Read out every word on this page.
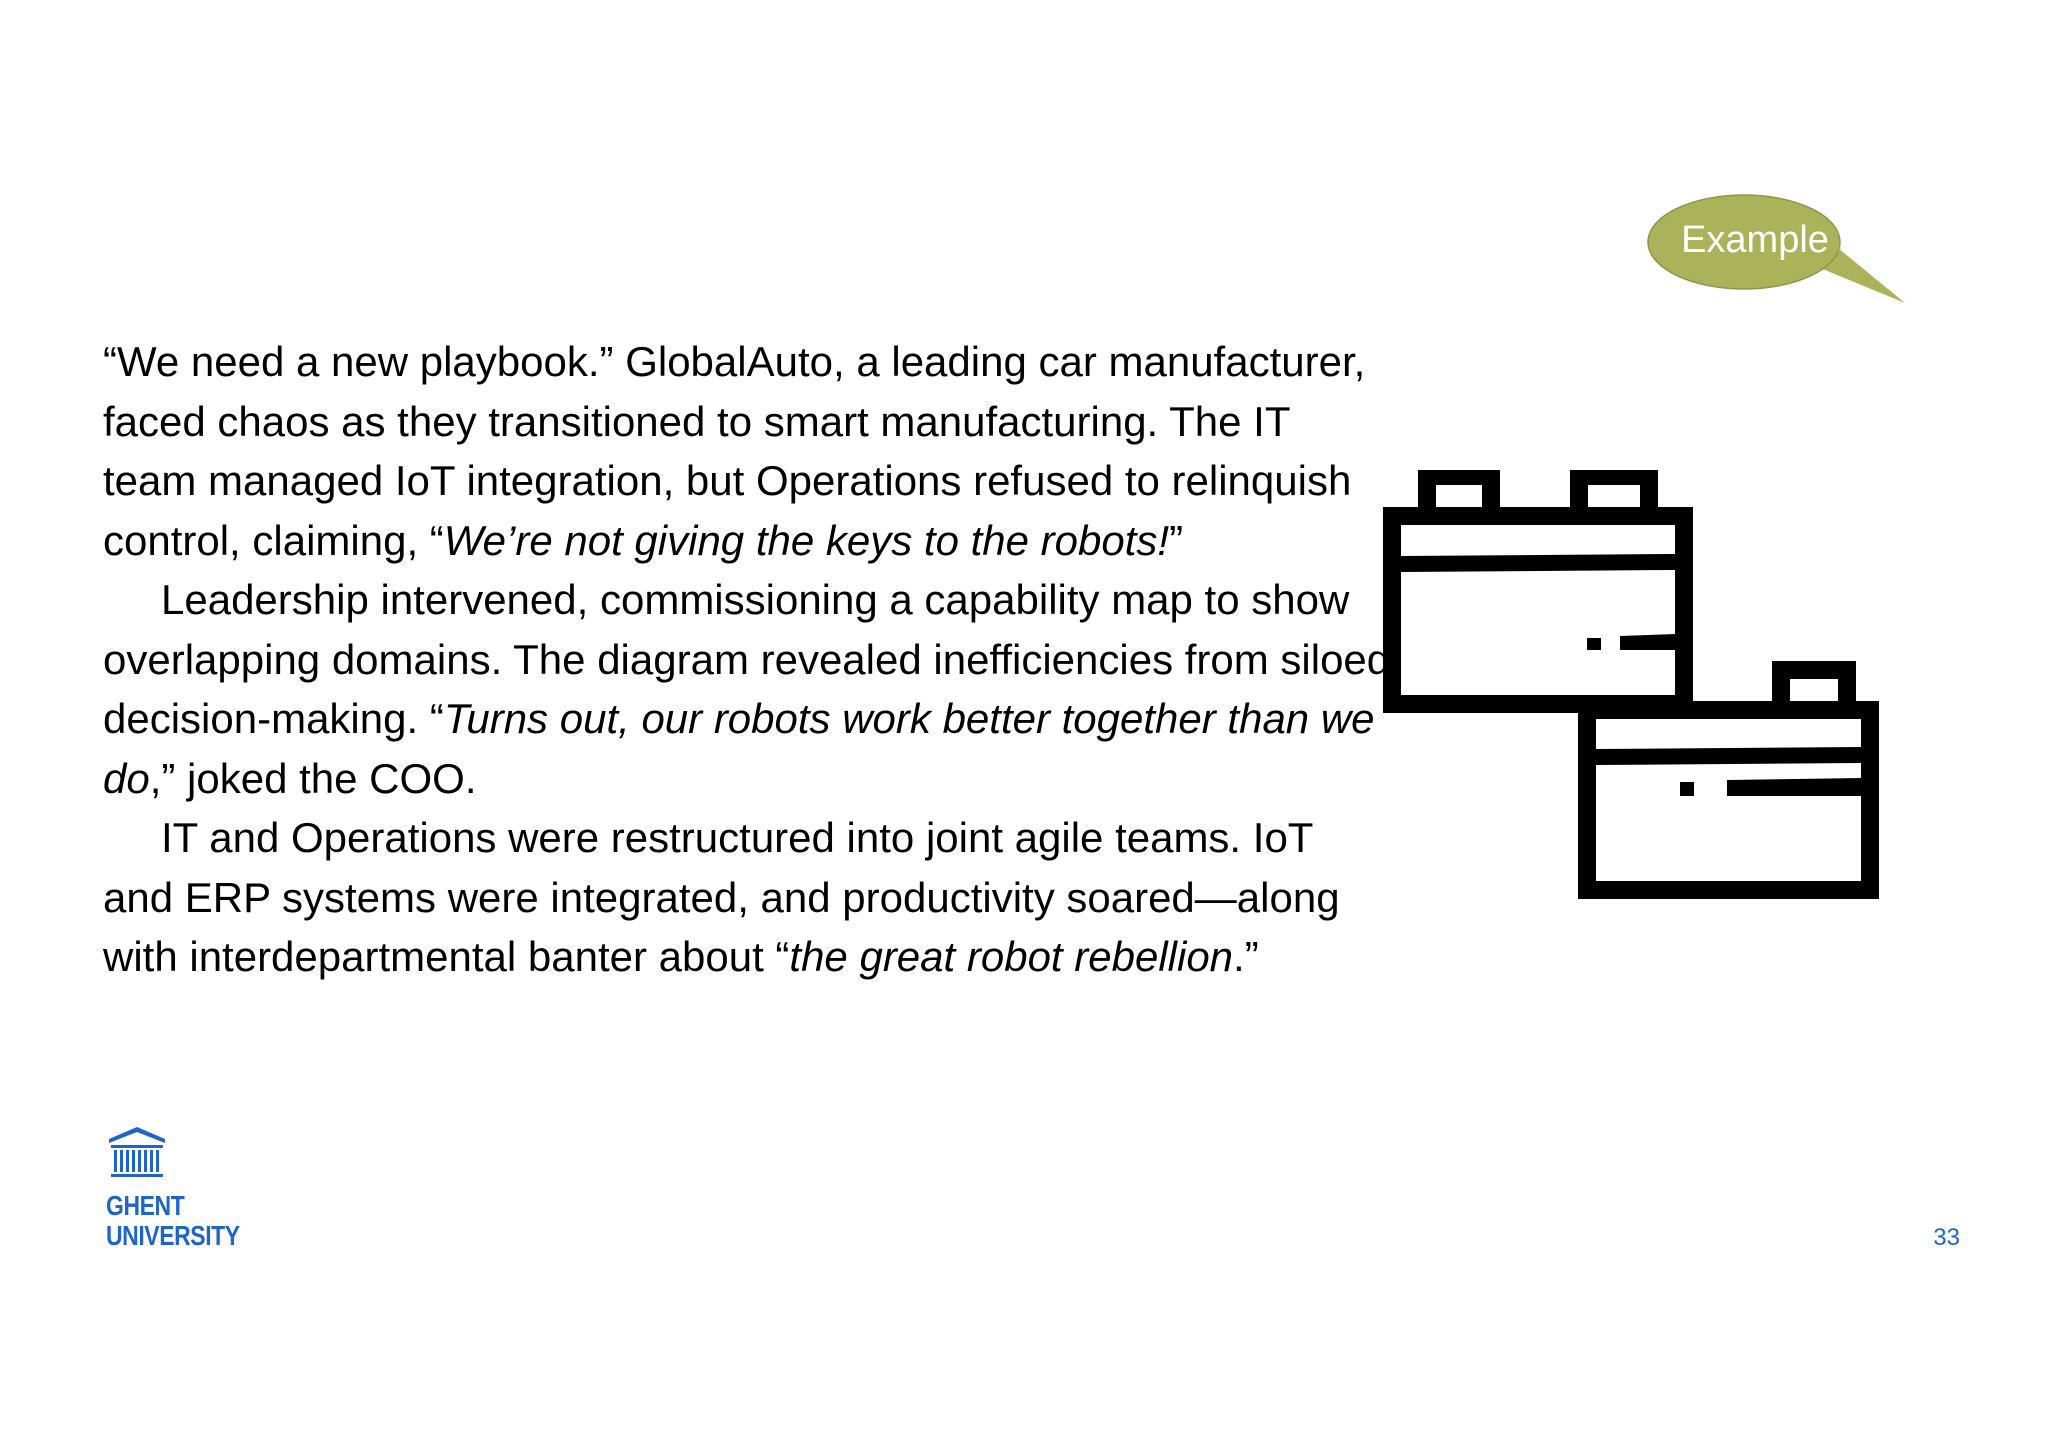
Example

“We need a new playbook.” GlobalAuto, a leading car manufacturer, faced chaos as they transitioned to smart manufacturing. The IT team managed IoT integration, but Operations refused to relinquish control, claiming, “We’re not giving the keys to the robots!”

Leadership intervened, commissioning a capability map to show overlapping domains. The diagram revealed inefficiencies from siloed decision-making. “Turns out, our robots work better together than we do,” joked the COO.

IT and Operations were restructured into joint agile teams. IoT and ERP systems were integrated, and productivity soared—along with interdepartmental banter about “the great robot rebellion.”

GHENT
UNIVERSITY	33
